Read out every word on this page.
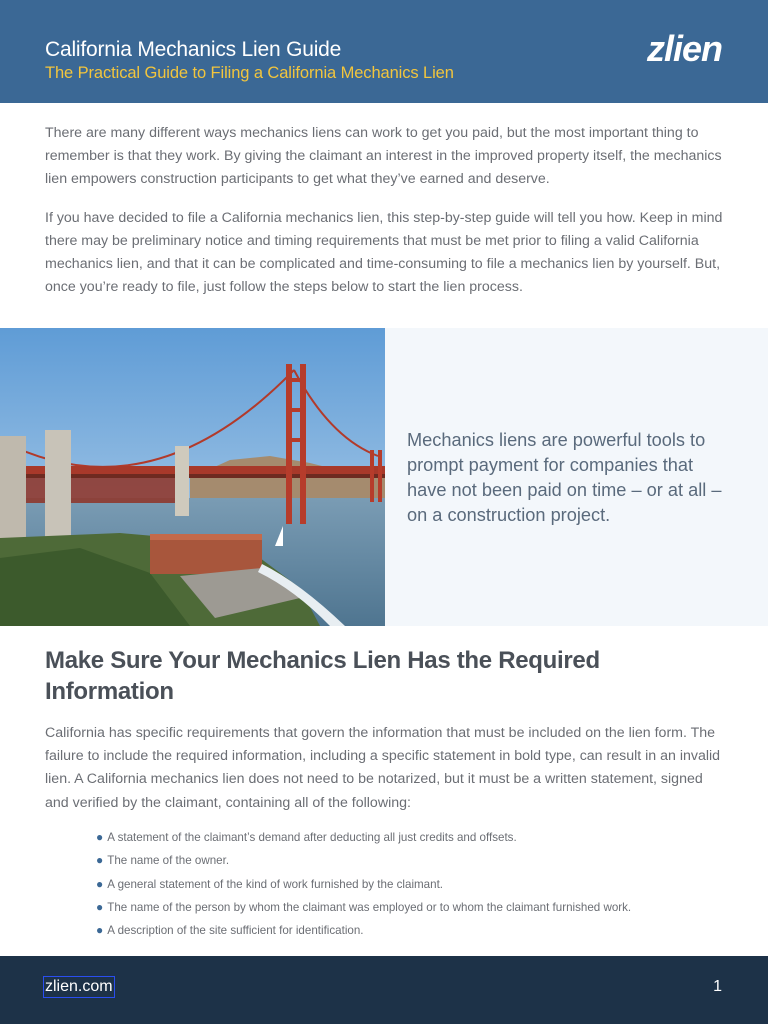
California Mechanics Lien Guide
The Practical Guide to Filing a California Mechanics Lien
zlien

There are many different ways mechanics liens can work to get you paid, but the most important thing to remember is that they work. By giving the claimant an interest in the improved property itself, the mechanics lien empowers construction participants to get what they’ve earned and deserve.

If you have decided to file a California mechanics lien, this step-by-step guide will tell you how. Keep in mind there may be preliminary notice and timing requirements that must be met prior to filing a valid California mechanics lien, and that it can be complicated and time-consuming to file a mechanics lien by yourself. But, once you’re ready to file, just follow the steps below to start the lien process.

Mechanics liens are powerful tools to prompt payment for companies that have not been paid on time – or at all – on a construction project.
Make Sure Your Mechanics Lien Has the Required Information

California has specific requirements that govern the information that must be included on the lien form. The failure to include the required information, including a specific statement in bold type, can result in an invalid lien. A California mechanics lien does not need to be notarized, but it must be a written statement, signed and verified by the claimant, containing all of the following:

● A statement of the claimant’s demand after deducting all just credits and offsets.
● The name of the owner.
● A general statement of the kind of work furnished by the claimant.
● The name of the person by whom the claimant was employed or to whom the claimant furnished work.
● A description of the site sufficient for identification.
zlien.com	1
